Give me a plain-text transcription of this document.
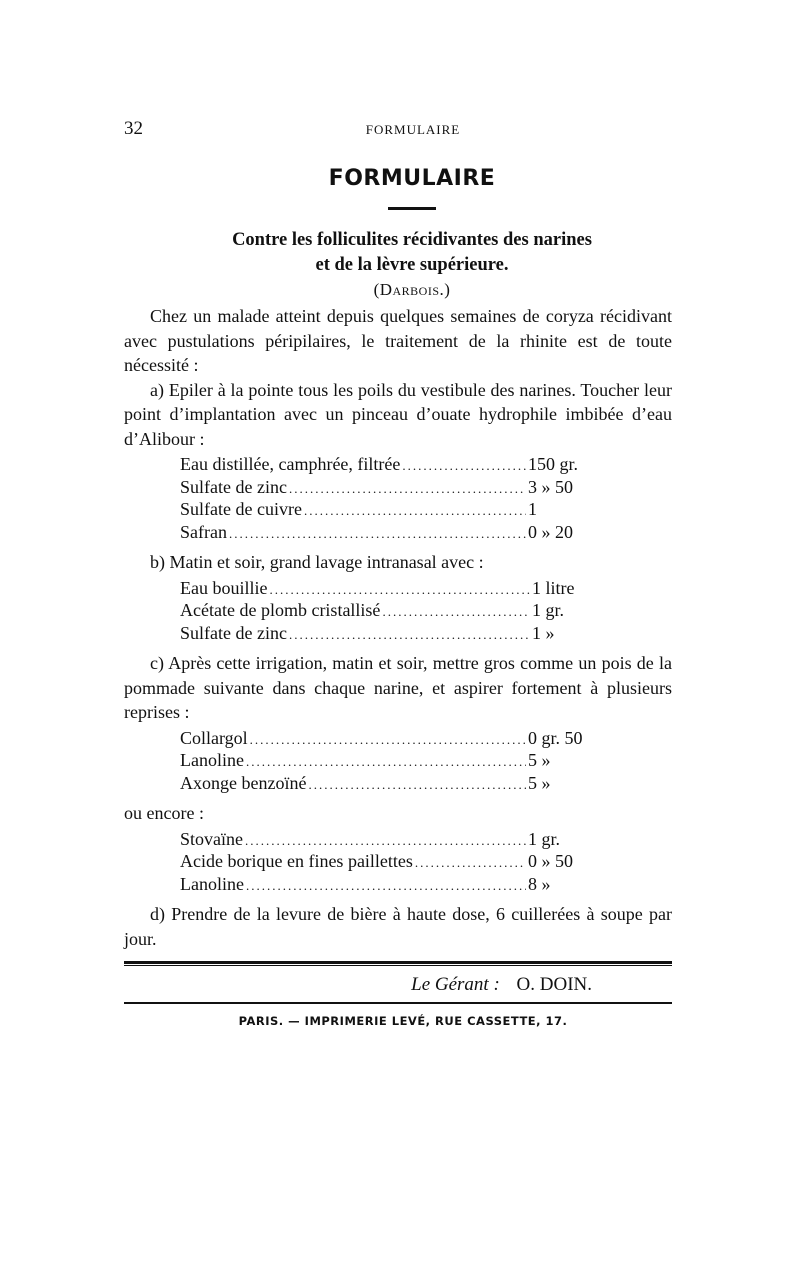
32	FORMULAIRE
FORMULAIRE
Contre les folliculites récidivantes des narines
et de la lèvre supérieure.
(Darbois.)

Chez un malade atteint depuis quelques semaines de coryza récidivant avec pustulations péripilaires, le traitement de la rhinite est de toute nécessité :

a) Epiler à la pointe tous les poils du vestibule des narines. Toucher leur point d’implantation avec un pinceau d’ouate hydrophile imbibée d’eau d’Alibour :

Eau distillée, camphrée, filtrée .....	150 gr.
Sulfate de zinc .....	3 » 50
Sulfate de cuivre .....	1
Safran .....	0 » 20

b) Matin et soir, grand lavage intranasal avec :

Eau bouillie .....	1 litre
Acétate de plomb cristallisé .....	1 gr.
Sulfate de zinc .....	1 »

c) Après cette irrigation, matin et soir, mettre gros comme un pois de la pommade suivante dans chaque narine, et aspirer fortement à plusieurs reprises :

Collargol .....	0 gr. 50
Lanoline .....	5 »
Axonge benzoïné .....	5 »

ou encore :

Stovaïne .....	1 gr.
Acide borique en fines paillettes .....	0 » 50
Lanoline .....	8 »

d) Prendre de la levure de bière à haute dose, 6 cuillerées à soupe par jour.

Le Gérant : O. DOIN.
PARIS. — IMPRIMERIE LEVÉ, RUE CASSETTE, 17.
